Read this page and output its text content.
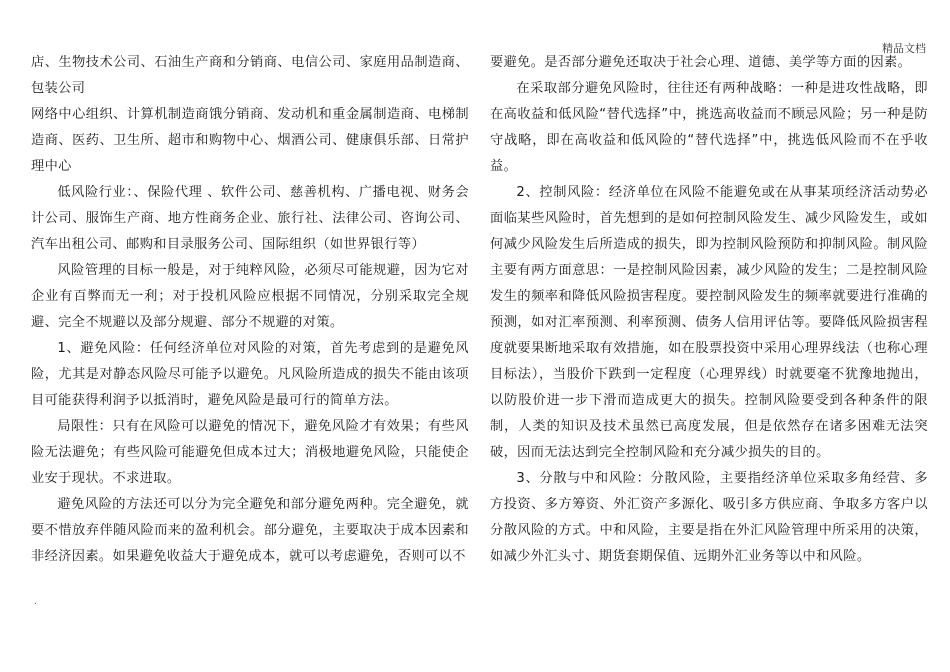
精品文档

店、生物技术公司、石油生产商和分销商、电信公司、家庭用品制造商、包装公司

网络中心组织、计算机制造商饿分销商、发动机和重金属制造商、电梯制造商、医药、卫生所、超市和购物中心、烟酒公司、健康俱乐部、日常护理中心

低风险行业：、保险代理 、软件公司、慈善机构、广播电视、财务会计公司、服饰生产商、地方性商务企业、旅行社、法律公司、咨询公司、汽车出租公司、邮购和目录服务公司、国际组织（如世界银行等）

风险管理的目标一般是，对于纯粹风险，必须尽可能规避，因为它对企业有百弊而无一利；对于投机风险应根据不同情况，分别采取完全规避、完全不规避以及部分规避、部分不规避的对策。

1、避免风险：任何经济单位对风险的对策，首先考虑到的是避免风险，尤其是对静态风险尽可能予以避免。凡风险所造成的损失不能由该项目可能获得利润予以抵消时，避免风险是最可行的简单方法。

局限性：只有在风险可以避免的情况下，避免风险才有效果；有些风险无法避免；有些风险可能避免但成本过大；消极地避免风险，只能使企业安于现状。不求进取。

避免风险的方法还可以分为完全避免和部分避免两种。完全避免，就要不惜放弃伴随风险而来的盈利机会。部分避免，主要取决于成本因素和非经济因素。如果避免收益大于避免成本，就可以考虑避免，否则可以不

要避免。是否部分避免还取决于社会心理、道德、美学等方面的因素。

在采取部分避免风险时，往往还有两种战略：一种是进攻性战略，即在高收益和低风险“替代选择”中，挑选高收益而不顾忌风险；另一种是防守战略，即在高收益和低风险的“替代选择”中，挑选低风险而不在乎收益。

2、控制风险：经济单位在风险不能避免或在从事某项经济活动势必面临某些风险时，首先想到的是如何控制风险发生、减少风险发生，或如何减少风险发生后所造成的损失，即为控制风险预防和抑制风险。制风险主要有两方面意思：一是控制风险因素，减少风险的发生；二是控制风险发生的频率和降低风险损害程度。要控制风险发生的频率就要进行准确的预测，如对汇率预测、利率预测、债务人信用评估等。要降低风险损害程度就要果断地采取有效措施，如在股票投资中采用心理界线法（也称心理目标法），当股价下跌到一定程度（心理界线）时就要毫不犹豫地抛出，以防股价进一步下滑而造成更大的损失。控制风险要受到各种条件的限制，人类的知识及技术虽然已高度发展，但是依然存在诸多困难无法突破，因而无法达到完全控制风险和充分减少损失的目的。

3、分散与中和风险：分散风险，主要指经济单位采取多角经营、多方投资、多方筹资、外汇资产多源化、吸引多方供应商、争取多方客户以分散风险的方式。中和风险，主要是指在外汇风险管理中所采用的决策，如减少外汇头寸、期货套期保值、远期外汇业务等以中和风险。

.
